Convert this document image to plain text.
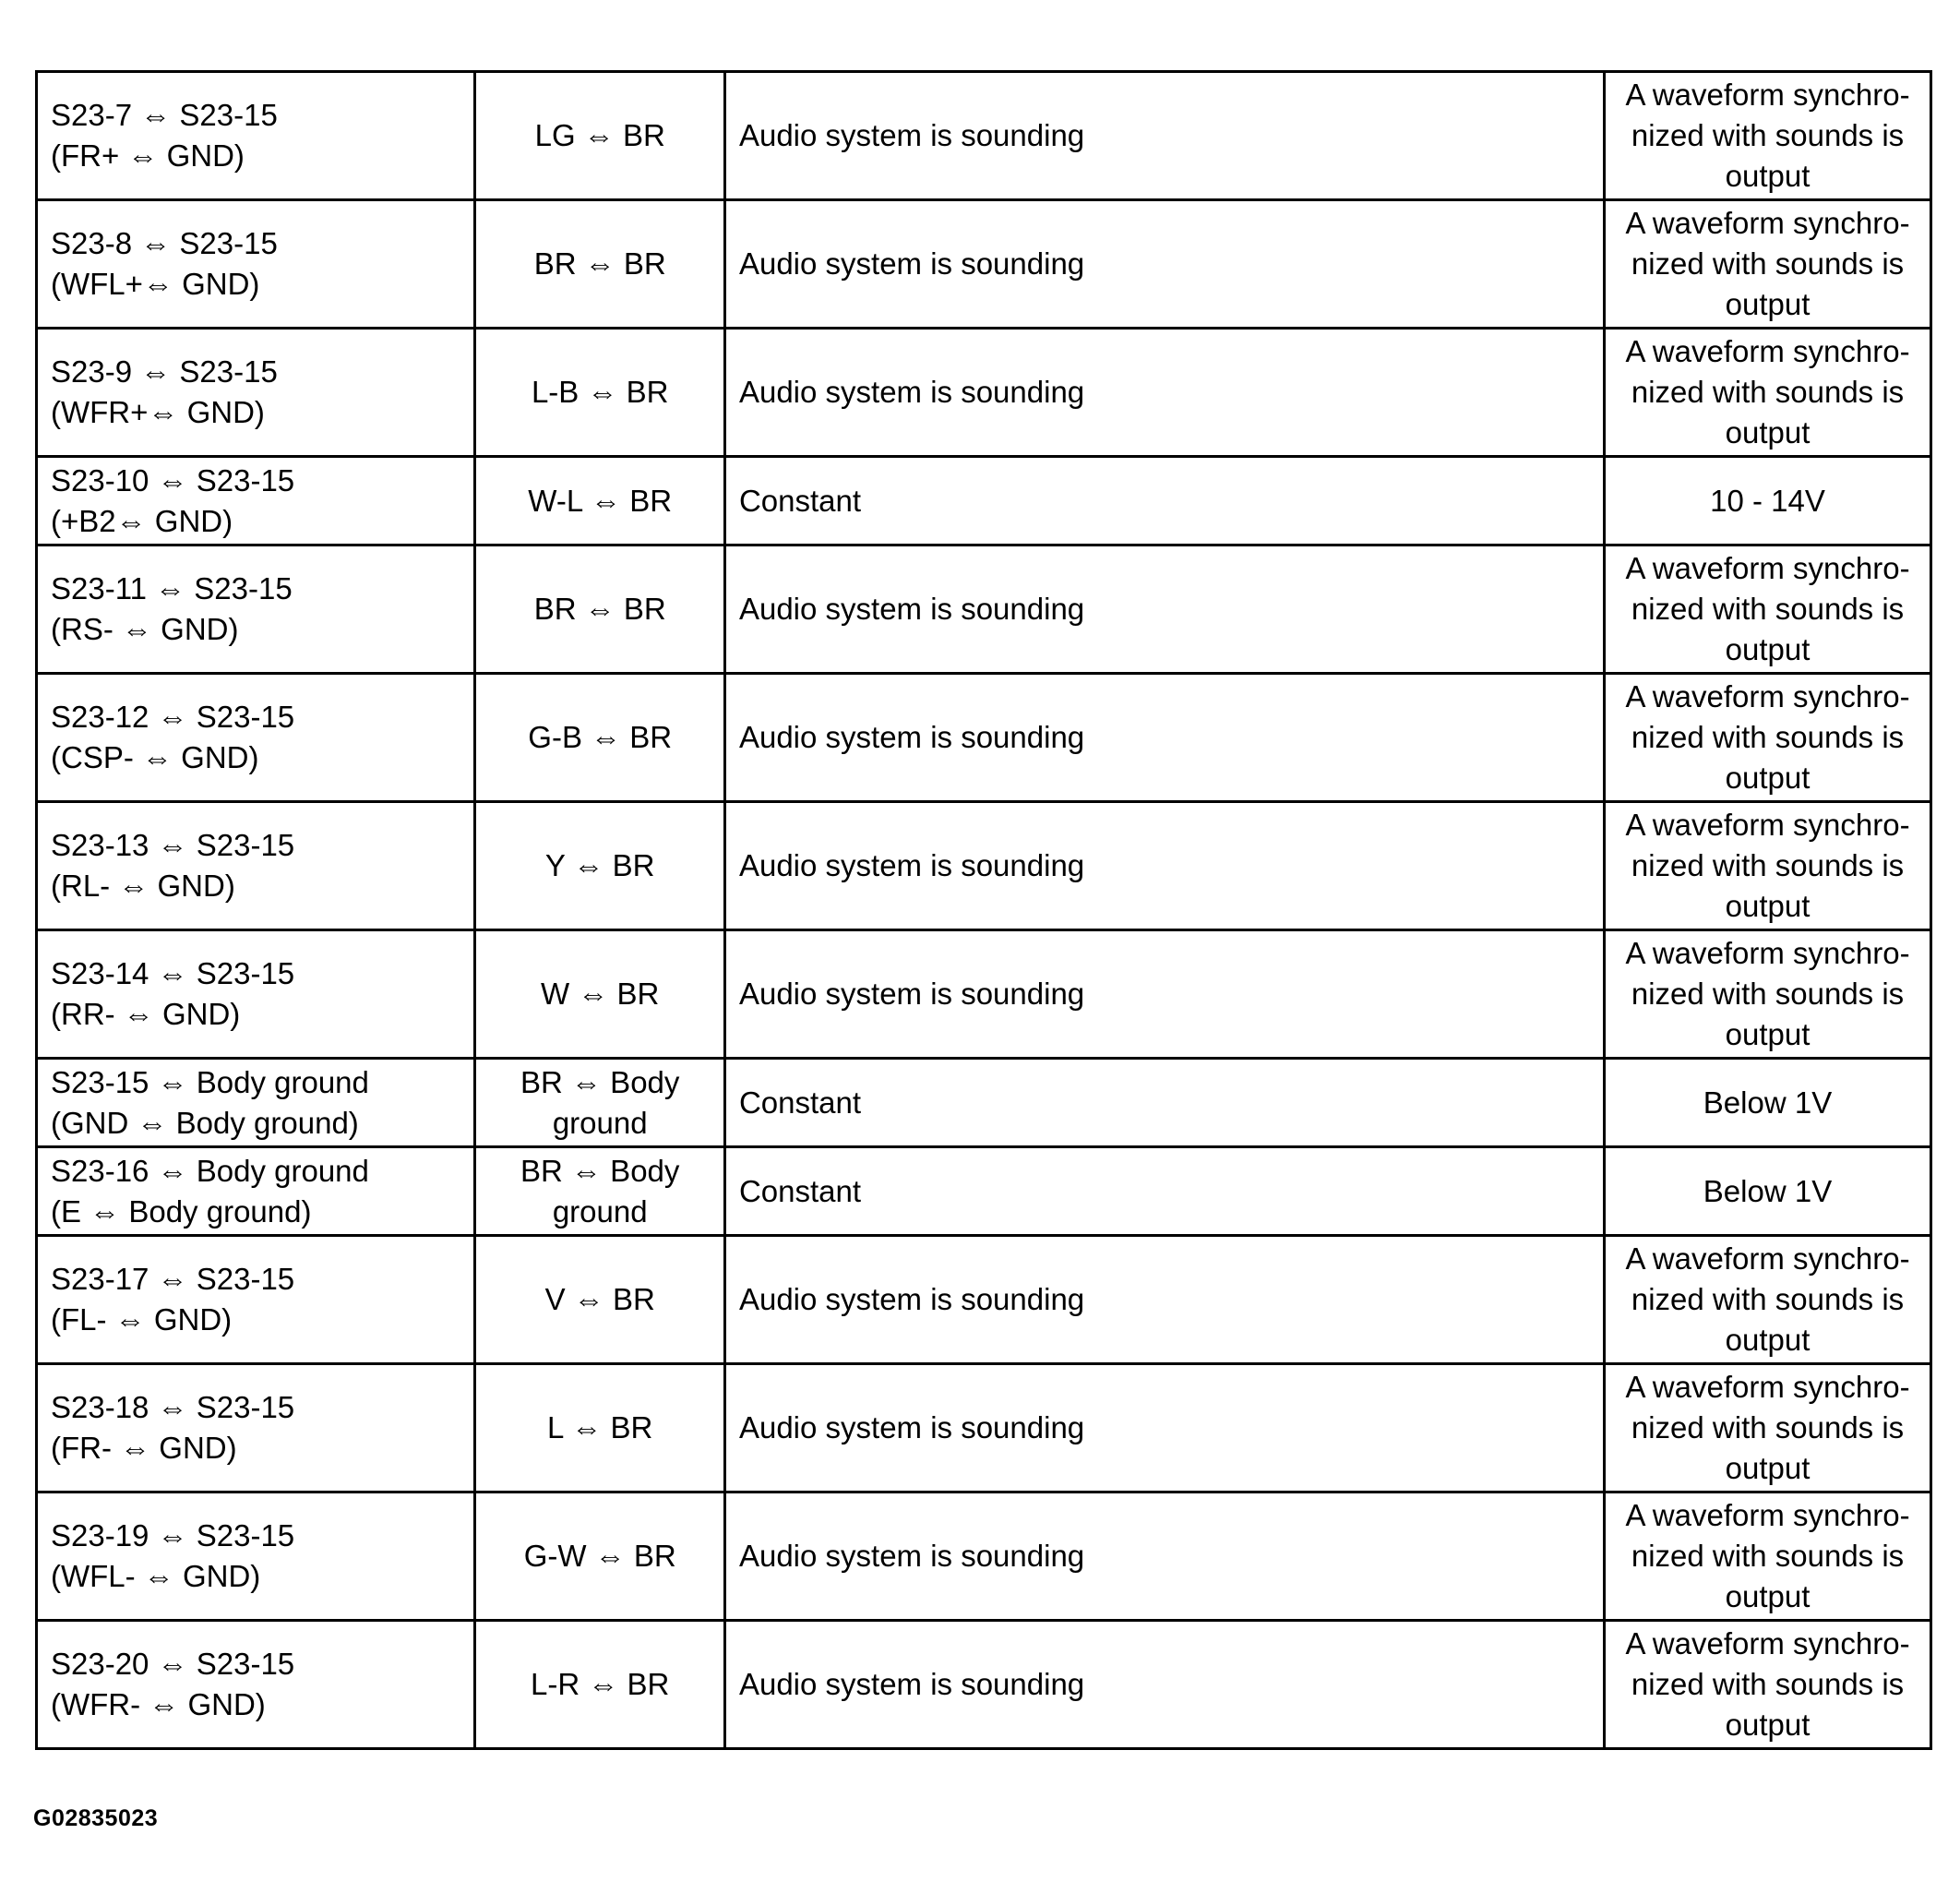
S23-7 ⇔ S23-15
(FR+ ⇔ GND)	LG ⇔ BR	Audio system is sounding	A waveform synchro-
nized with sounds is
output
S23-8 ⇔ S23-15
(WFL+⇔ GND)	BR ⇔ BR	Audio system is sounding	A waveform synchro-
nized with sounds is
output
S23-9 ⇔ S23-15
(WFR+⇔ GND)	L-B ⇔ BR	Audio system is sounding	A waveform synchro-
nized with sounds is
output
S23-10 ⇔ S23-15
(+B2⇔ GND)	W-L ⇔ BR	Constant	10 - 14V
S23-11 ⇔ S23-15
(RS- ⇔ GND)	BR ⇔ BR	Audio system is sounding	A waveform synchro-
nized with sounds is
output
S23-12 ⇔ S23-15
(CSP- ⇔ GND)	G-B ⇔ BR	Audio system is sounding	A waveform synchro-
nized with sounds is
output
S23-13 ⇔ S23-15
(RL- ⇔ GND)	Y ⇔ BR	Audio system is sounding	A waveform synchro-
nized with sounds is
output
S23-14 ⇔ S23-15
(RR- ⇔ GND)	W ⇔ BR	Audio system is sounding	A waveform synchro-
nized with sounds is
output
S23-15 ⇔ Body ground
(GND ⇔ Body ground)	BR ⇔ Body
ground	Constant	Below 1V
S23-16 ⇔ Body ground
(E ⇔ Body ground)	BR ⇔ Body
ground	Constant	Below 1V
S23-17 ⇔ S23-15
(FL- ⇔ GND)	V ⇔ BR	Audio system is sounding	A waveform synchro-
nized with sounds is
output
S23-18 ⇔ S23-15
(FR- ⇔ GND)	L ⇔ BR	Audio system is sounding	A waveform synchro-
nized with sounds is
output
S23-19 ⇔ S23-15
(WFL- ⇔ GND)	G-W ⇔ BR	Audio system is sounding	A waveform synchro-
nized with sounds is
output
S23-20 ⇔ S23-15
(WFR- ⇔ GND)	L-R ⇔ BR	Audio system is sounding	A waveform synchro-
nized with sounds is
output
G02835023
